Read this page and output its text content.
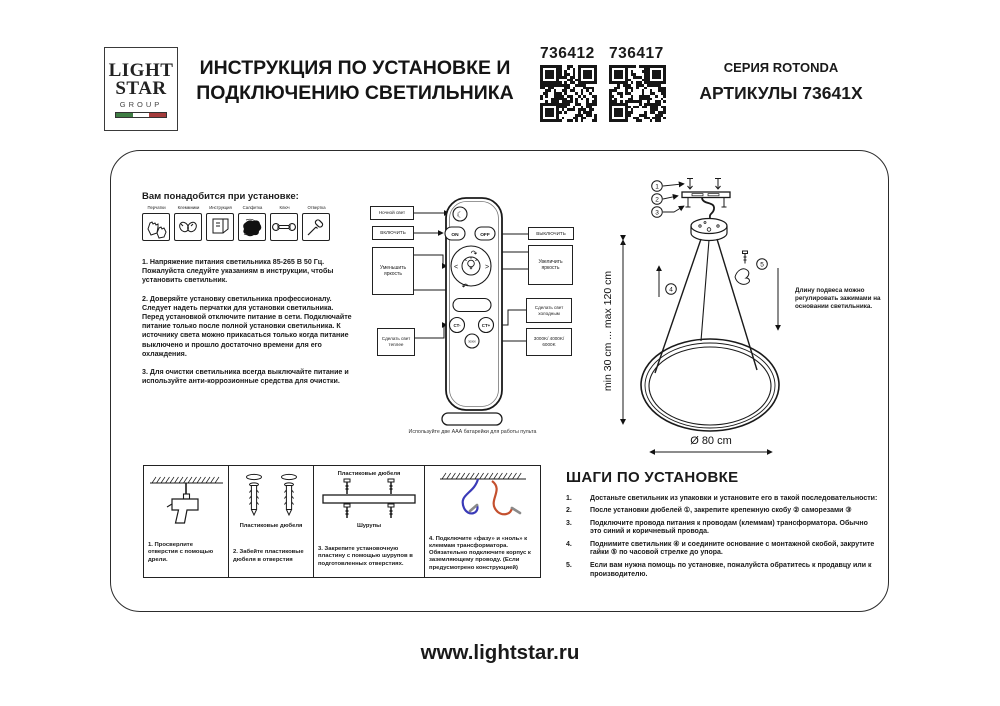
LIGHT
STAR
GROUP
ИНСТРУКЦИЯ ПО УСТАНОВКЕ И
ПОДКЛЮЧЕНИЮ СВЕТИЛЬНИКА
736412 736417
СЕРИЯ ROTONDA
АРТИКУЛЫ 73641X
Вам понадобится при установке:
Перчатки	Клеммники	Инструкция	Салфетка	Ключ	Отвертка

1. Напряжение питания светильника 85-265 В 50 Гц. Пожалуйста следуйте указаниям в инструкции, чтобы установить светильник.

2. Доверяйте установку светильника профессионалу. Следует надеть перчатки для установки светильника. Перед установкой отключите питание в сети. Подключайте питание только после полной установки светильника. К источнику света можно прикасаться только когда питание выключено и прошло достаточно времени для его охлаждения.

3. Для очистки светильника всегда выключайте питание и используйте анти-коррозионные средства для очистки.

☾
ON	OFF
↷
↶
<	>
CT-	CT+
3000K
Ночной свет
ВКЛЮЧИТЬ
Уменьшить яркость
Сделать свет теплее
ВЫКЛЮЧИТЬ
Увеличить яркость
Сделать свет холодным
3000K/ 4000K/ 6000K
Используйте две ААА батарейки для работы пульта
1
2
3
4
5
min 30 cm ... max 120 cm
Ø 80 cm
Длину подвеса можно регулировать зажимами на основании светильника.
1. Просверлите отверстия с помощью дрели.
Пластиковые дюбеля
2. Забейте пластиковые дюбеля в отверстия
Пластиковые дюбеля
Шурупы
3. Закрепите установочную пластину с помощью шурупов в подготовленных отверстиях.
4. Подключите «фазу» и «ноль» к клеммам трансформатора. Обязательно подключите корпус к заземляющему проводу. (Если предусмотрено конструкцией)
ШАГИ ПО УСТАНОВКЕ
1.	Достаньте светильник из упаковки и установите его в такой последовательности:
2.	После установки дюбелей ①, закрепите крепежную скобу ② саморезами ③
3.	Подключите провода питания к проводам (клеммам) трансформатора. Обычно это синий и коричневый провода.
4.	Поднимите светильник ④ и соедините основание с монтажной скобой, закрутите гайки ⑤ по часовой стрелке до упора.
5.	Если вам нужна помощь по установке, пожалуйста обратитесь к продавцу или к производителю.
www.lightstar.ru
